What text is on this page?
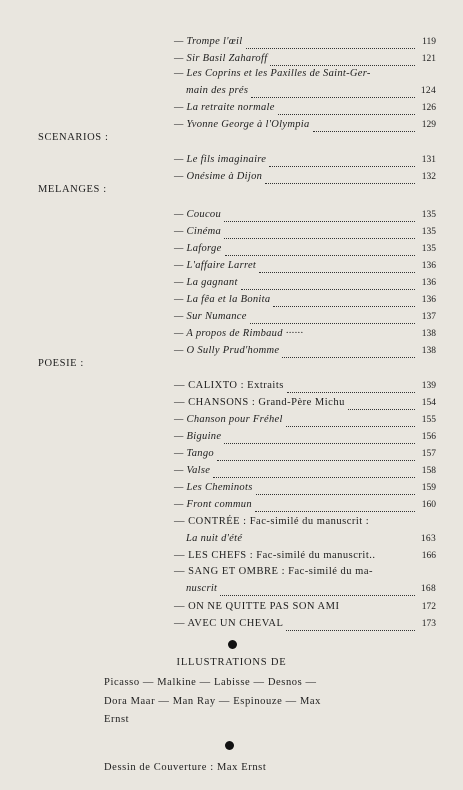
— Trompe l'œil	119
— Sir Basil Zaharoff	121
— Les Coprins et les Paxilles de Saint-Ger-
main des prés	124
— La retraite normale	126
— Yvonne George à l'Olympia	129
SCENARIOS :
— Le fils imaginaire	131
— Onésime à Dijon	132
MELANGES :
— Coucou	135
— Cinéma	135
— Laforge	135
— L'affaire Larret	136
— La gagnant	136
— La fêa et la Bonita	136
— Sur Numance	137
— A propos de Rimbaud ······	138
— O Sully Prud'homme	138
POESIE :
— CALIXTO : Extraits	139
— CHANSONS : Grand-Père Michu	154
— Chanson pour Fréhel	155
— Biguine	156
— Tango	157
— Valse	158
— Les Cheminots	159
— Front commun	160
— CONTRÉE : Fac-similé du manuscrit :
La nuit d'été	163
— LES CHEFS : Fac-similé du manuscrit..	166
— SANG ET OMBRE : Fac-similé du ma-
nuscrit	168
— ON NE QUITTE PAS SON AMI	172
— AVEC UN CHEVAL	173
ILLUSTRATIONS DE
Picasso — Malkine — Labisse — Desnos —
Dora Maar — Man Ray — Espinouze — Max
Ernst
Dessin de Couverture : Max Ernst
